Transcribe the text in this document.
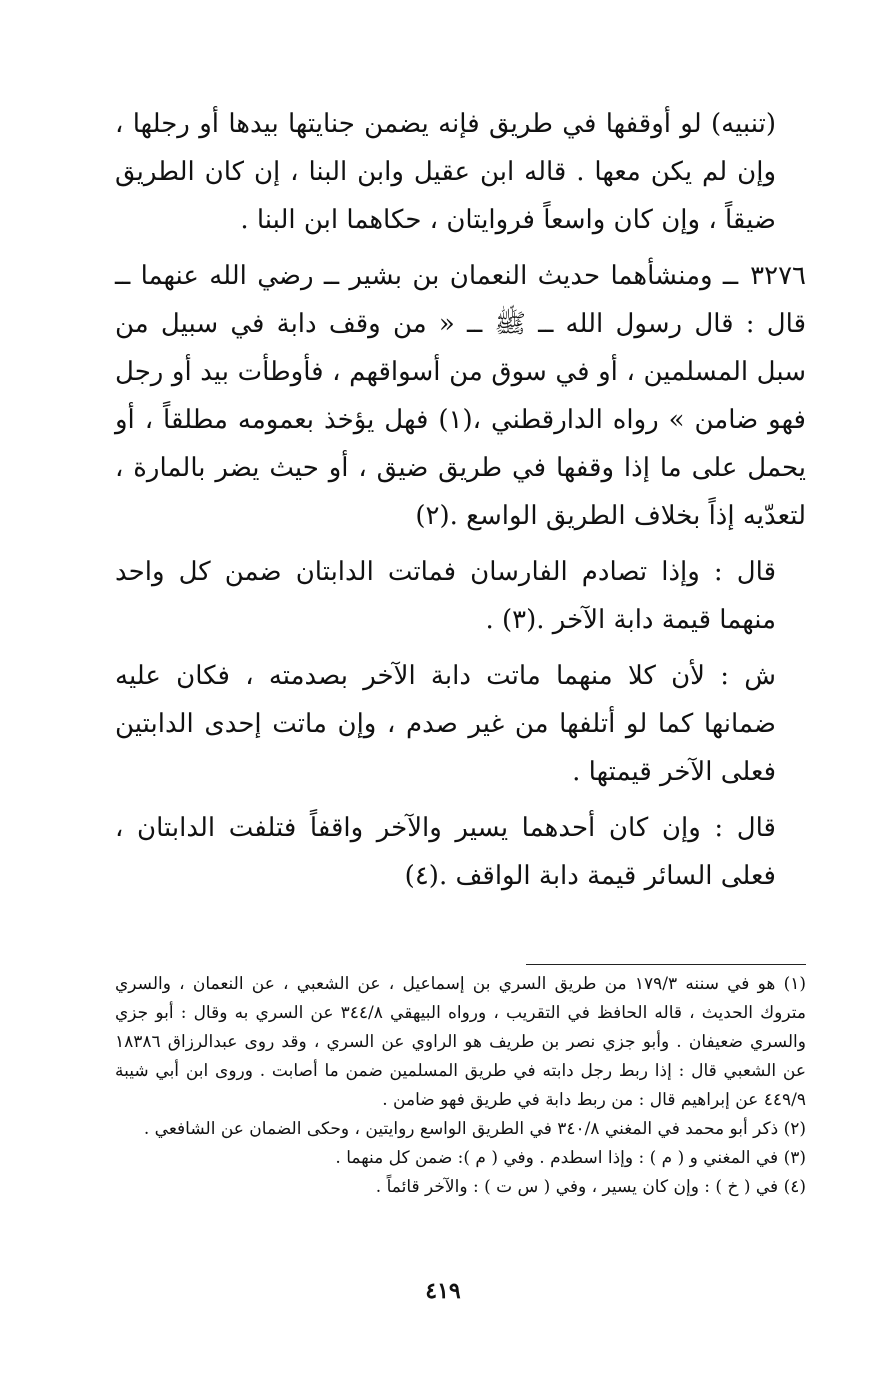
(تنبيه) لو أوقفها في طريق فإنه يضمن جنايتها بيدها أو رجلها ، وإن لم يكن معها . قاله ابن عقيل وابن البنا ، إن كان الطريق ضيقاً ، وإن كان واسعاً فروايتان ، حكاهما ابن البنا .

٣٢٧٦ــ ومنشأهما حديث النعمان بن بشير ــ رضي الله عنهما ــ قال : قال رسول الله ــ ﷺ ــ « من وقف دابة في سبيل من سبل المسلمين ، أو في سوق من أسواقهم ، فأوطأت بيد أو رجل فهو ضامن » رواه الدارقطني ،(١) فهل يؤخذ بعمومه مطلقاً ، أو يحمل على ما إذا وقفها في طريق ضيق ، أو حيث يضر بالمارة ، لتعدّيه إذاً بخلاف الطريق الواسع .(٢)

قال : وإذا تصادم الفارسان فماتت الدابتان ضمن كل واحد منهما قيمة دابة الآخر .(٣) .

ش : لأن كلا منهما ماتت دابة الآخر بصدمته ، فكان عليه ضمانها كما لو أتلفها من غير صدم ، وإن ماتت إحدى الدابتين فعلى الآخر قيمتها .

قال : وإن كان أحدهما يسير والآخر واقفاً فتلفت الدابتان ، فعلى السائر قيمة دابة الواقف .(٤)

(١) هو في سننه ١٧٩/٣ من طريق السري بن إسماعيل ، عن الشعبي ، عن النعمان ، والسري متروك الحديث ، قاله الحافظ في التقريب ، ورواه البيهقي ٣٤٤/٨ عن السري به وقال : أبو جزي والسري ضعيفان . وأبو جزي نصر بن طريف هو الراوي عن السري ، وقد روى عبدالرزاق ١٨٣٨٦ عن الشعبي قال : إذا ربط رجل دابته في طريق المسلمين ضمن ما أصابت . وروى ابن أبي شيبة ٤٤٩/٩ عن إبراهيم قال : من ربط دابة في طريق فهو ضامن .

(٢) ذكر أبو محمد في المغني ٣٤٠/٨ في الطريق الواسع روايتين ، وحكى الضمان عن الشافعي .

(٣) في المغني و ( م ) : وإذا اسطدم . وفي ( م ): ضمن كل منهما .

(٤) في ( خ ) : وإن كان يسير ، وفي ( س ت ) : والآخر قائماً .

٤١٩
